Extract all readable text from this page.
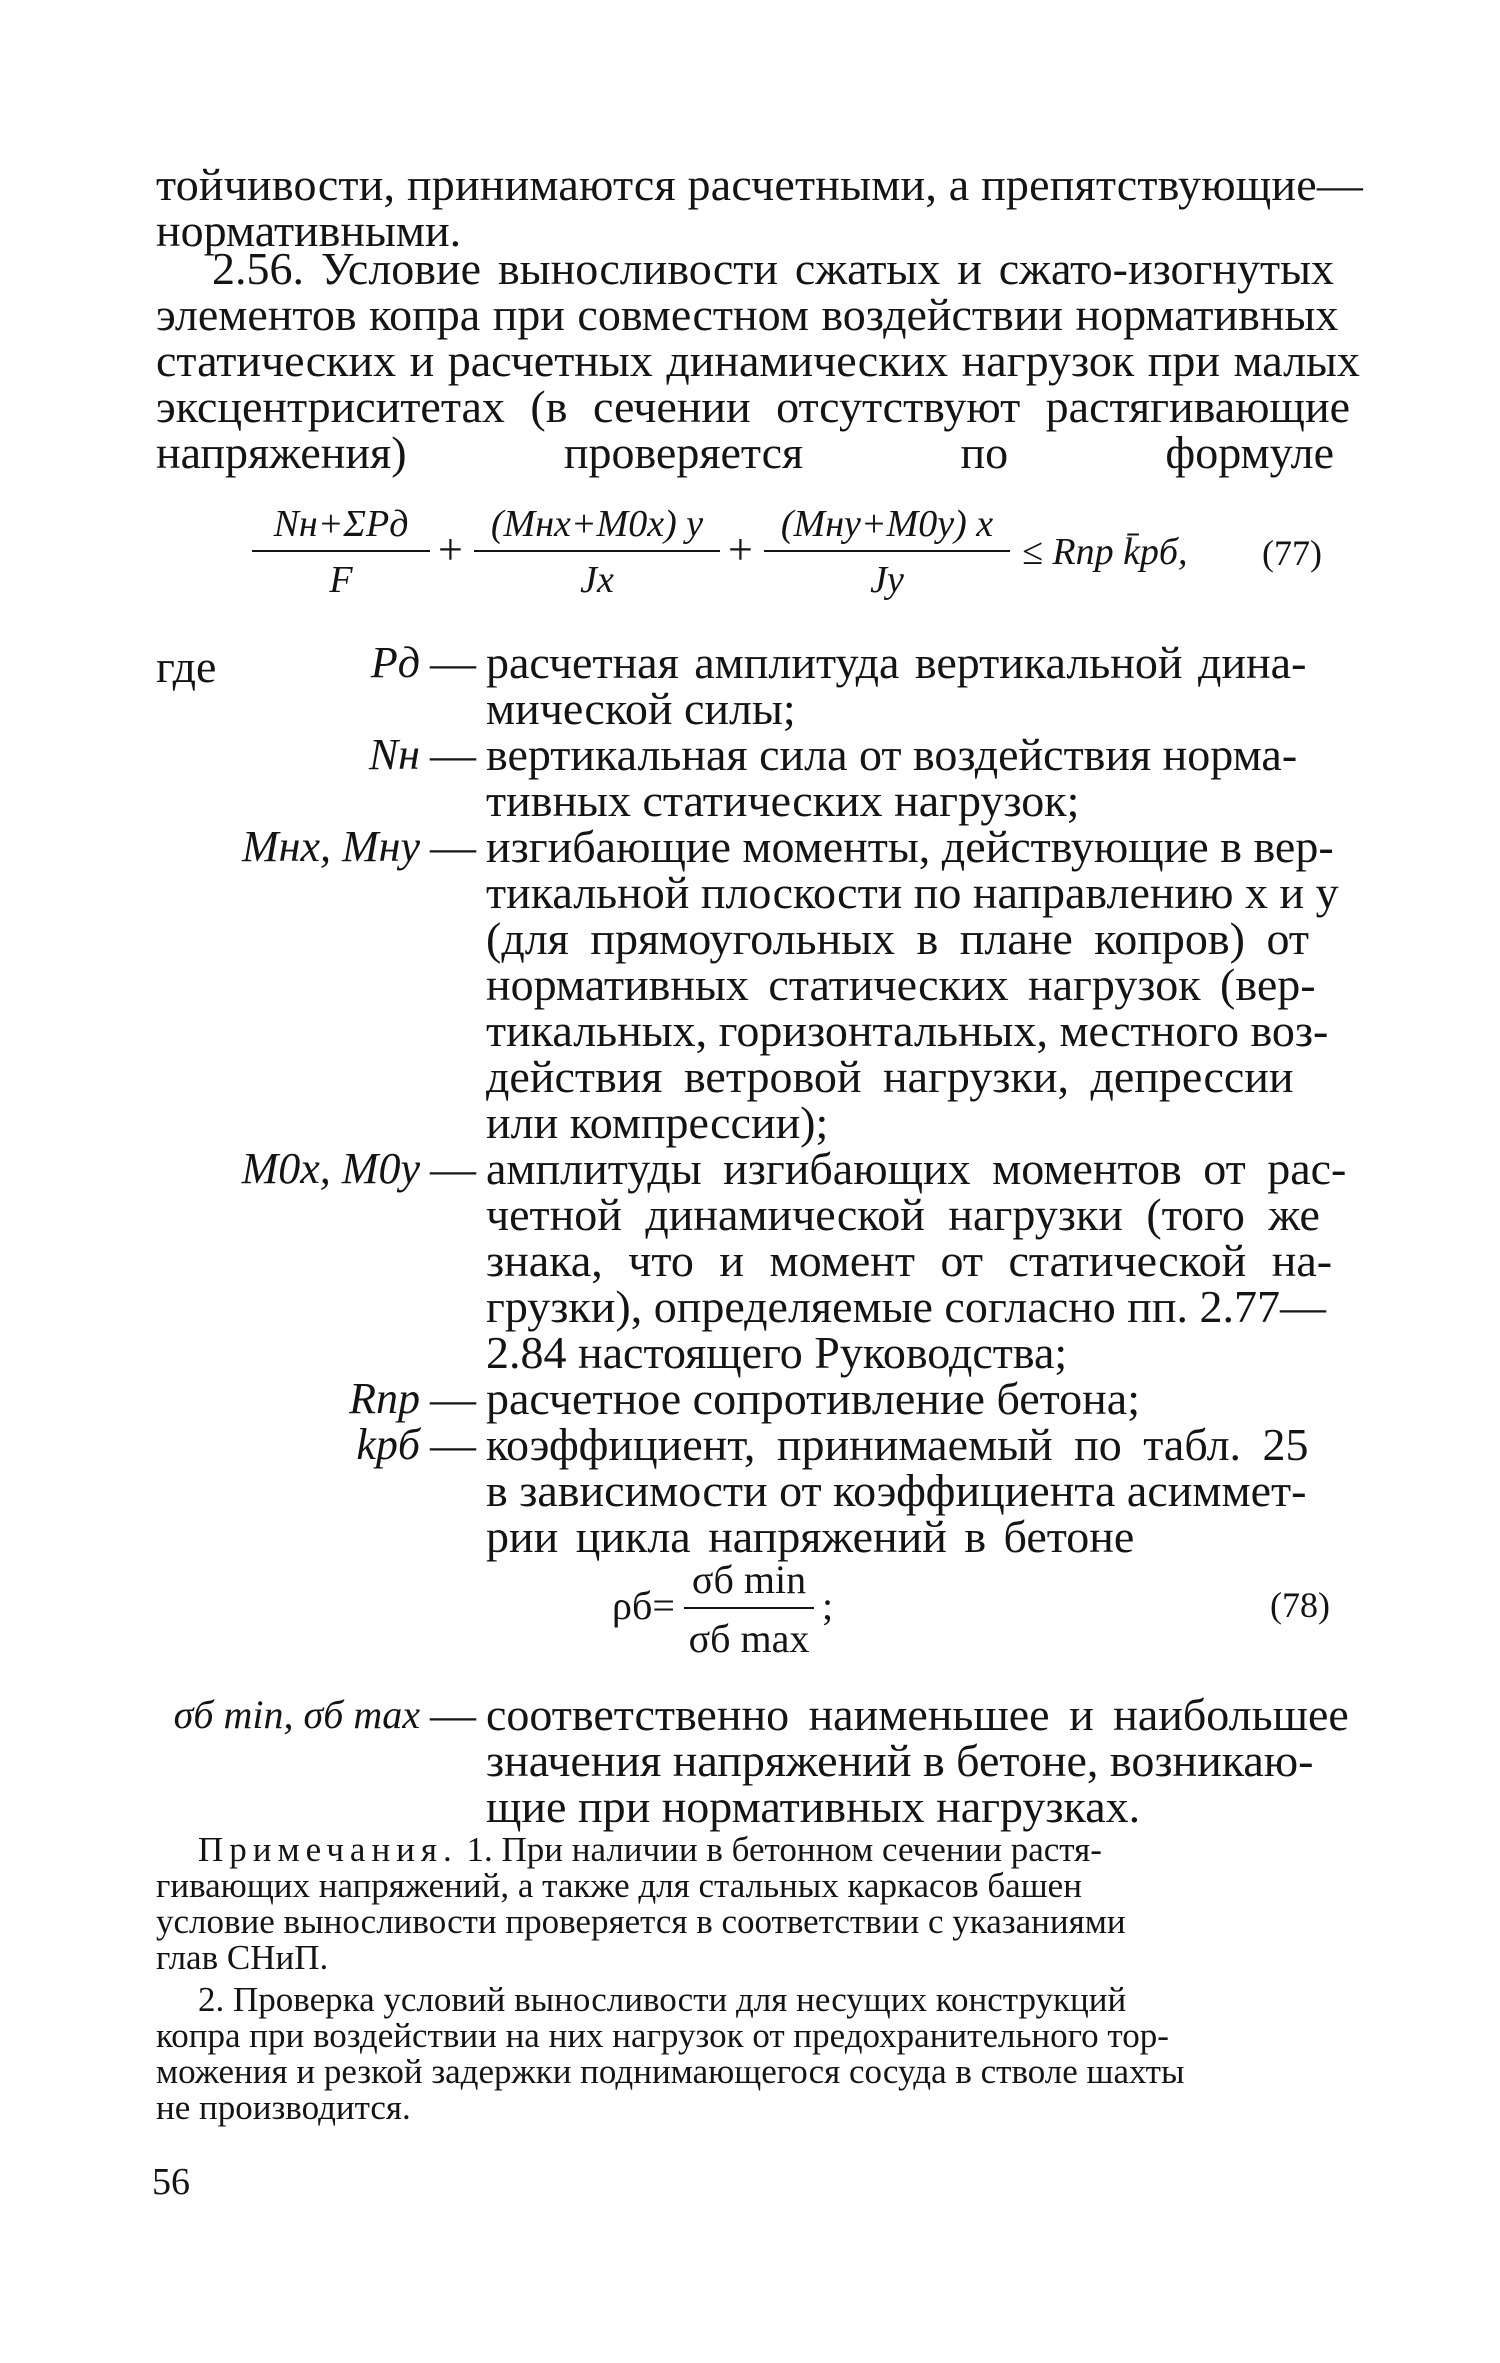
тойчивости, принимаются расчетными, а препятствующие—
нормативными.
2.56. Условие выносливости сжатых и сжато-изогнутых
элементов копра при совместном воздействии нормативных
статических и расчетных динамических нагрузок при малых
эксцентриситетах (в сечении отсутствуют растягивающие
напряжения) проверяется по формуле
Nн+ΣPд
F
+
(Mнx+M0x) y
Jx
+
(Mнy+M0y) x
Jy
≤ Rпр k̄рб, (77)
где	Pд — расчетная амплитуда вертикальной дина-
мической силы;
Nн — вертикальная сила от воздействия норма-
тивных статических нагрузок;
Mнx, Mнy — изгибающие моменты, действующие в вер-
тикальной плоскости по направлению x и y
(для прямоугольных в плане копров) от
нормативных статических нагрузок (вер-
тикальных, горизонтальных, местного воз-
действия ветровой нагрузки, депрессии
или компрессии);
M0x, M0y — амплитуды изгибающих моментов от рас-
четной динамической нагрузки (того же
знака, что и момент от статической на-
грузки), определяемые согласно пп. 2.77—
2.84 настоящего Руководства;
Rпр — расчетное сопротивление бетона;
kрб — коэффициент, принимаемый по табл. 25
в зависимости от коэффициента асиммет-
рии цикла напряжений в бетоне
ρб=
σб min
σб max
;	(78)
σб min, σб max — соответственно наименьшее и наибольшее
значения напряжений в бетоне, возникаю-
щие при нормативных нагрузках.
Примечания. 1. При наличии в бетонном сечении растя-
гивающих напряжений, а также для стальных каркасов башен
условие выносливости проверяется в соответствии с указаниями
глав СНиП.
2. Проверка условий выносливости для несущих конструкций
копра при воздействии на них нагрузок от предохранительного тор-
можения и резкой задержки поднимающегося сосуда в стволе шахты
не производится.
56
